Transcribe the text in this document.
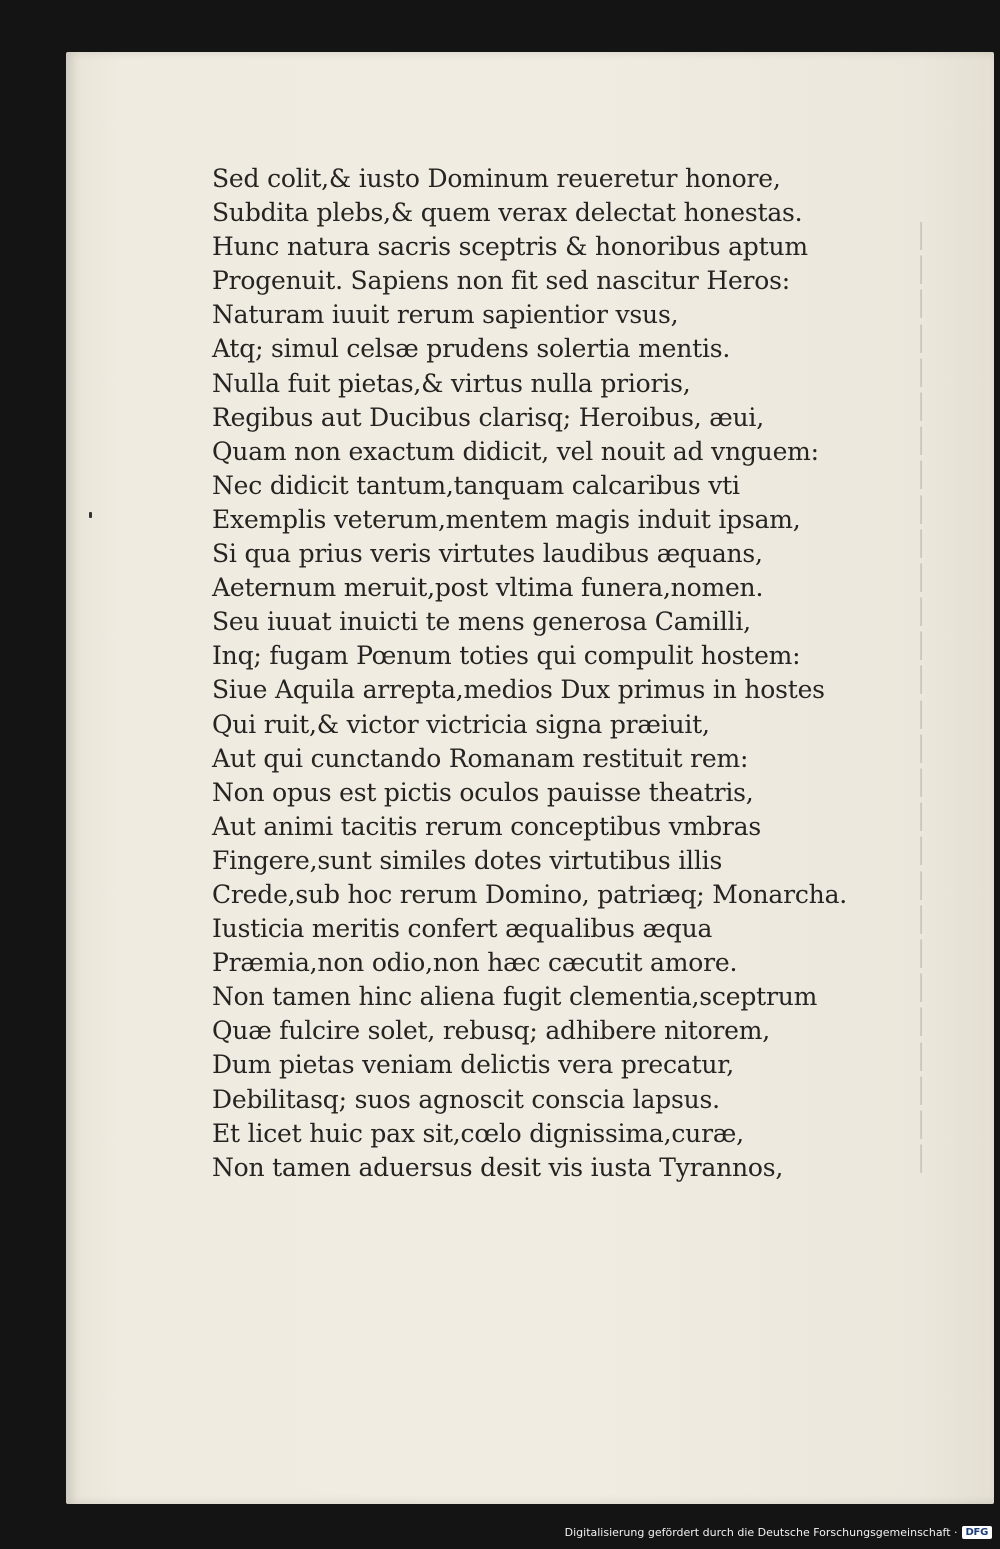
│
│
│
│
│
│
│
│
│
│
│
│
│
│
│
│
│
│
│
│
│
│
│
│
│
│
│
│
Sed colit,& iusto Dominum reueretur honore,
Subdita plebs,& quem verax delectat honestas.
Hunc natura sacris sceptris & honoribus aptum
Progenuit. Sapiens non fit sed nascitur Heros:
Naturam iuuit rerum sapientior vsus,
Atq; simul celsæ prudens solertia mentis.
Nulla fuit pietas,& virtus nulla prioris,
Regibus aut Ducibus clarisq; Heroibus, æui,
Quam non exactum didicit, vel nouit ad vnguem:
Nec didicit tantum,tanquam calcaribus vti
Exemplis veterum,mentem magis induit ipsam,
Si qua prius veris virtutes laudibus æquans,
Aeternum meruit,post vltima funera,nomen.
Seu iuuat inuicti te mens generosa Camilli,
Inq; fugam Pœnum toties qui compulit hostem:
Siue Aquila arrepta,medios Dux primus in hostes
Qui ruit,& victor victricia signa præiuit,
Aut qui cunctando Romanam restituit rem:
Non opus est pictis oculos pauisse theatris,
Aut animi tacitis rerum conceptibus vmbras
Fingere,sunt similes dotes virtutibus illis
Crede,sub hoc rerum Domino, patriæq; Monarcha.
Iusticia meritis confert æqualibus æqua
Præmia,non odio,non hæc cæcutit amore.
Non tamen hinc aliena fugit clementia,sceptrum
Quæ fulcire solet, rebusq; adhibere nitorem,
Dum pietas veniam delictis vera precatur,
Debilitasq; suos agnoscit conscia lapsus.
Et licet huic pax sit,cœlo dignissima,curæ,
Non tamen aduersus desit vis iusta Tyrannos,
Digitalisierung gefördert durch die Deutsche Forschungsgemeinschaft · DFG
